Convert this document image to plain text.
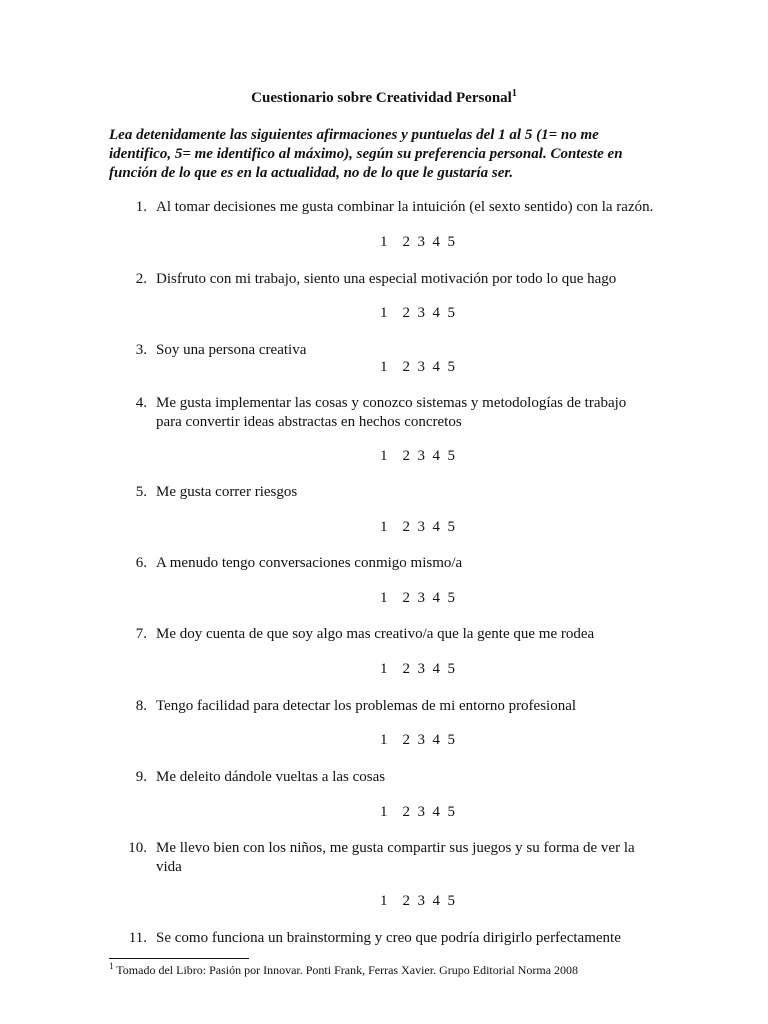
Cuestionario sobre Creatividad Personal$^1$
Lea detenidamente las siguientes afirmaciones y puntuelas del 1 al 5 (1= no me identifico, 5= me identifico al máximo), según su preferencia personal. Conteste en función de lo que es en la actualidad, no de lo que le gustaría ser.
1. Al tomar decisiones me gusta combinar la intuición (el sexto sentido) con la razón.
1    2  3  4  5
2. Disfruto con mi trabajo, siento una especial motivación por todo lo que hago
1    2  3  4  5
3. Soy una persona creativa
1    2  3  4  5
4. Me gusta implementar las cosas y conozco sistemas y metodologías de trabajo para convertir ideas abstractas en hechos concretos
1    2  3  4  5
5. Me gusta correr riesgos
1    2  3  4  5
6. A menudo tengo conversaciones conmigo mismo/a
1    2  3  4  5
7. Me doy cuenta de que soy algo mas creativo/a que la gente que me rodea
1    2  3  4  5
8. Tengo facilidad para detectar los problemas de mi entorno profesional
1    2  3  4  5
9. Me deleito dándole vueltas a las cosas
1    2  3  4  5
10. Me llevo bien con los niños, me gusta compartir sus juegos y su forma de ver la vida
1    2  3  4  5
11. Se como funciona un brainstorming y creo que podría dirigirlo perfectamente
$^1$ Tomado del Libro: Pasión por Innovar. Ponti Frank, Ferras Xavier. Grupo Editorial Norma 2008
